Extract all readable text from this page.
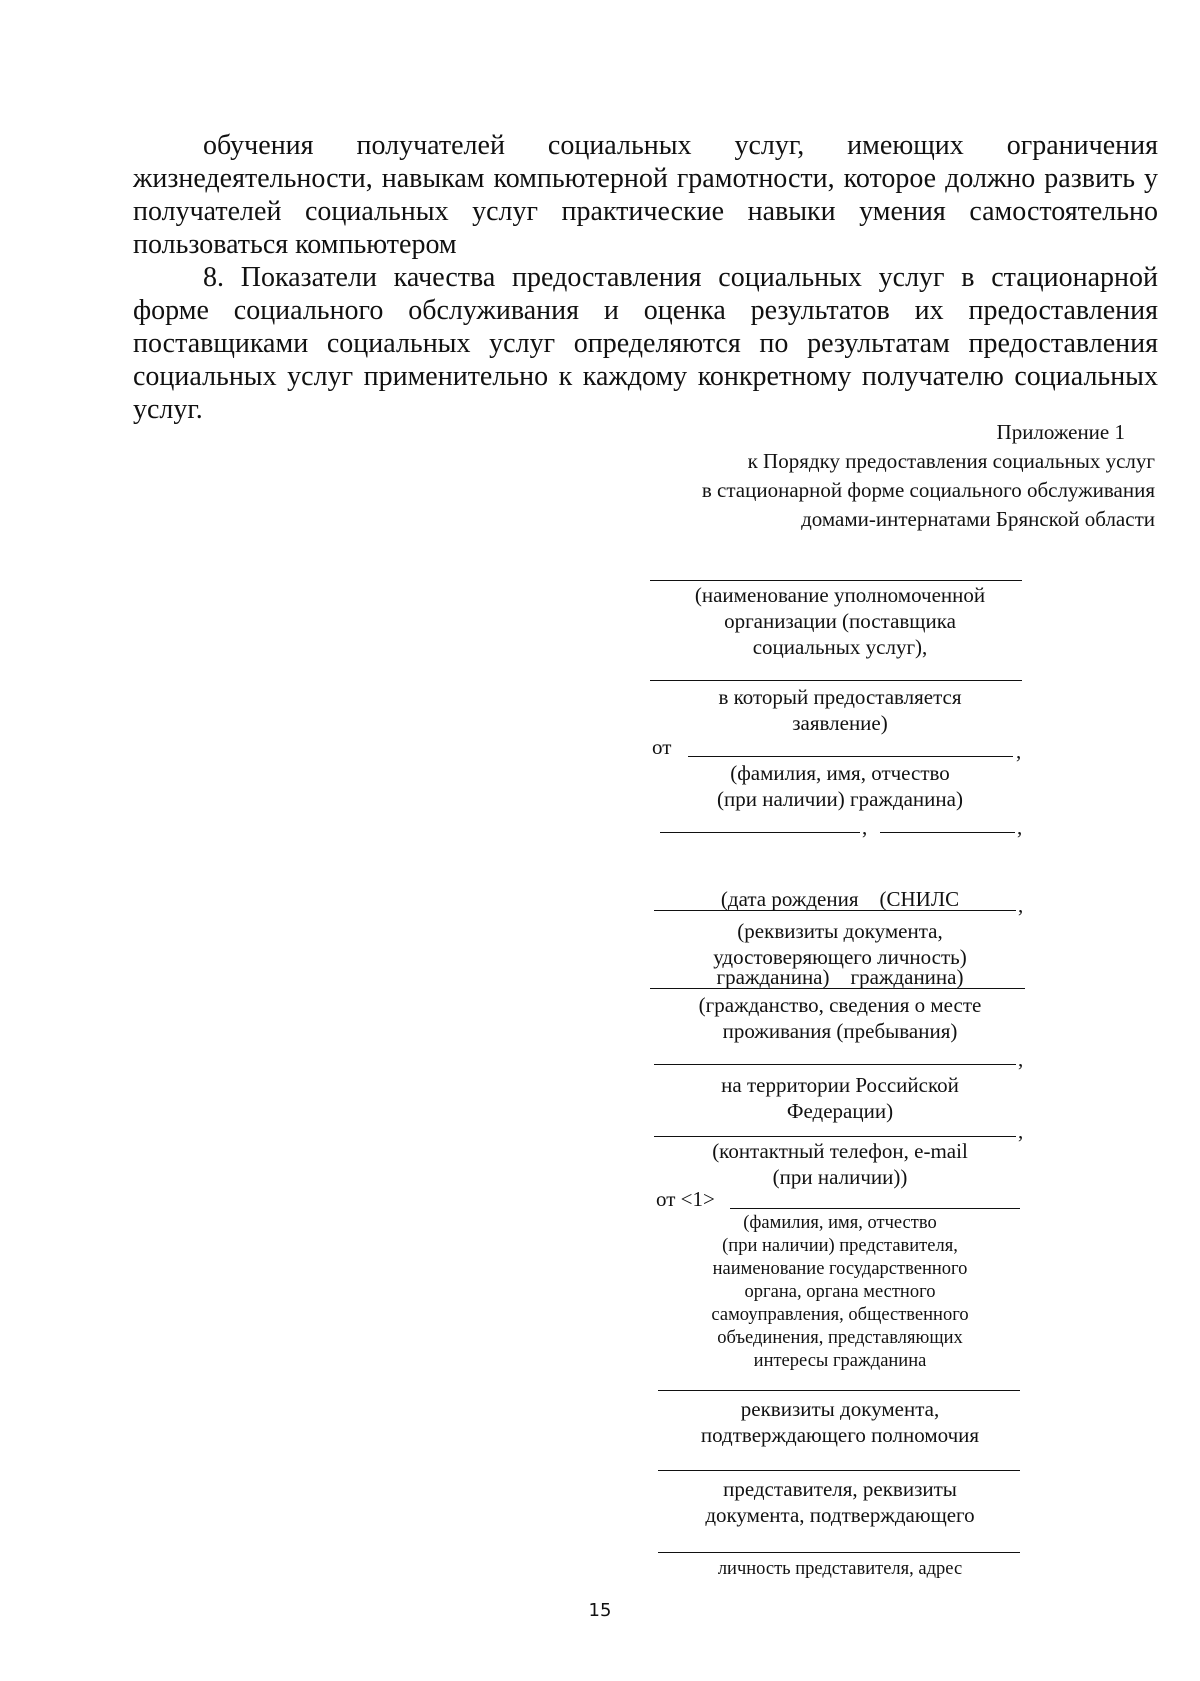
обучения получателей социальных услуг, имеющих ограничения жизнедеятельности, навыкам компьютерной грамотности, которое должно развить у получателей социальных услуг практические навыки умения самостоятельно пользоваться компьютером

8. Показатели качества предоставления социальных услуг в стационарной форме социального обслуживания и оценка результатов их предоставления поставщиками социальных услуг определяются по результатам предоставления социальных услуг применительно к каждому конкретному получателю социальных услуг.

Приложение 1
к Порядку предоставления социальных услуг
в стационарной форме социального обслуживания
домами-интернатами Брянской области
(наименование уполномоченной
организации (поставщика
социальных услуг),
в который предоставляется
заявление)
от	,
(фамилия, имя, отчество
(при наличии) гражданина)
,	,

(дата рождения    (СНИЛС

гражданина)    гражданина)

,
(реквизиты документа,
удостоверяющего личность)
(гражданство, сведения о месте
проживания (пребывания)
,
на территории Российской
Федерации)
,
(контактный телефон, e-mail
(при наличии))
от <1>
(фамилия, имя, отчество
(при наличии) представителя,
наименование государственного
органа, органа местного
самоуправления, общественного
объединения, представляющих
интересы гражданина
реквизиты документа,
подтверждающего полномочия
представителя, реквизиты
документа, подтверждающего
личность представителя, адрес
15
